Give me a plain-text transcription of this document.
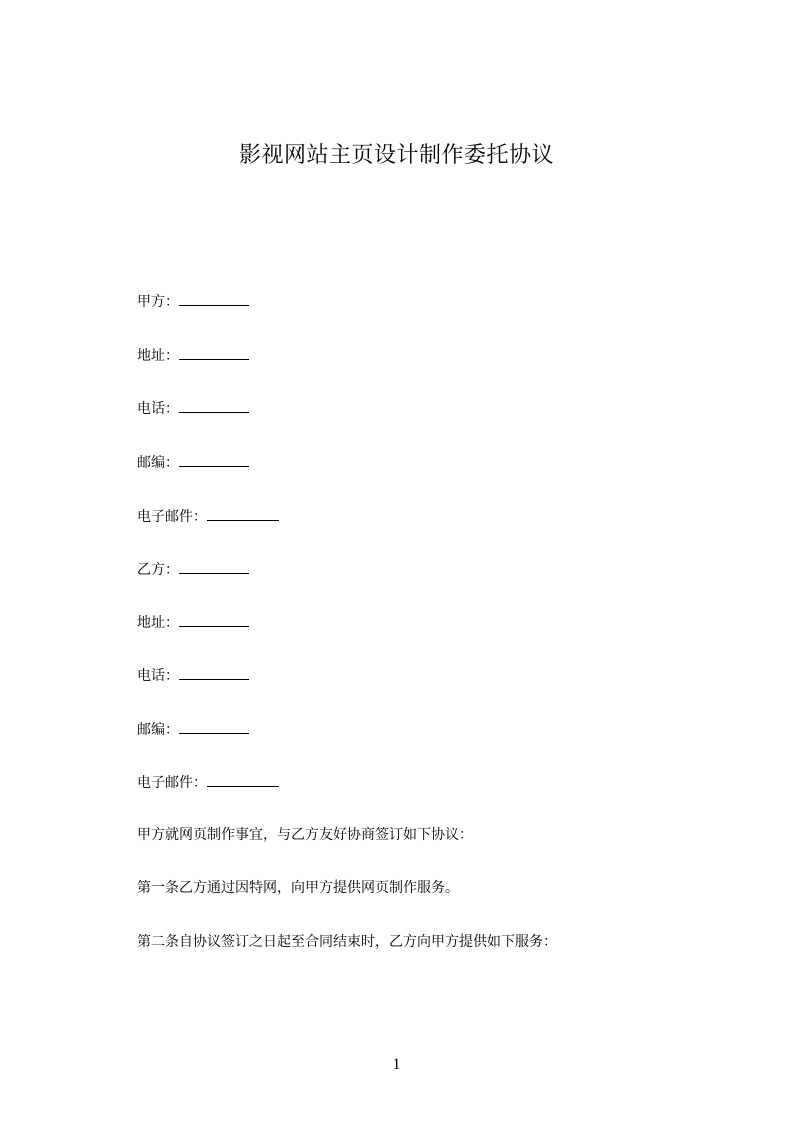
影视网站主页设计制作委托协议
甲方：
地址：
电话：
邮编：
电子邮件：
乙方：
地址：
电话：
邮编：
电子邮件：
甲方就网页制作事宜，与乙方友好协商签订如下协议：
第一条乙方通过因特网，向甲方提供网页制作服务。
第二条自协议签订之日起至合同结束时，乙方向甲方提供如下服务：
1
